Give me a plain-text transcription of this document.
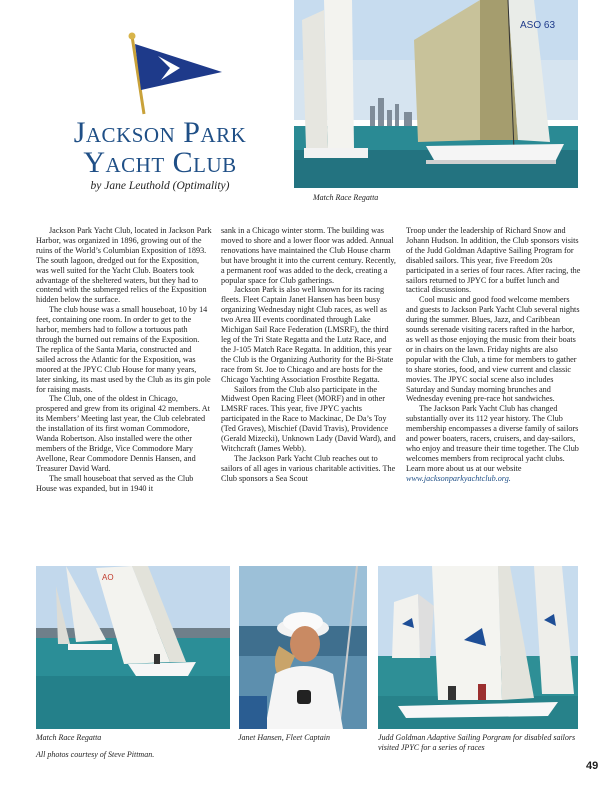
Jackson Park
Yacht Club
by Jane Leuthold (Optimality)
ASO 63
Match Race Regatta

Jackson Park Yacht Club, located in Jackson Park Harbor, was organized in 1896, growing out of the ruins of the World’s Columbian Exposition of 1893. The south lagoon, dredged out for the Exposition, was well suited for the Yacht Club. Boaters took advantage of the sheltered waters, but they had to contend with the submerged relics of the Exposition hidden below the surface.

The club house was a small houseboat, 10 by 14 feet, containing one room. In order to get to the harbor, members had to follow a tortuous path through the burned out remains of the Exposition. The replica of the Santa Maria, constructed and sailed across the Atlantic for the Exposition, was moored at the JPYC Club House for many years, later sinking, its mast used by the Club as its gin pole for raising masts.

The Club, one of the oldest in Chicago, prospered and grew from its original 42 members. At its Members’ Meeting last year, the Club celebrated the installation of its first woman Commodore, Wanda Robertson. Also installed were the other members of the Bridge, Vice Commodore Mary Avellone, Rear Commodore Dennis Hansen, and Treasurer David Ward.

The small houseboat that served as the Club House was expanded, but in 1940 it

sank in a Chicago winter storm. The building was moved to shore and a lower floor was added. Annual renovations have maintained the Club House charm but have brought it into the current century. Recently, a permanent roof was added to the deck, creating a popular space for Club gatherings.

Jackson Park is also well known for its racing fleets. Fleet Captain Janet Hansen has been busy organizing Wednesday night Club races, as well as two Area III events coordinated through Lake Michigan Sail Race Federation (LMSRF), the third leg of the Tri State Regatta and the Lutz Race, and the J-105 Match Race Regatta. In addition, this year the Club is the Organizing Authority for the Bi-State race from St. Joe to Chicago and are hosts for the Chicago Yachting Association Frostbite Regatta.

Sailors from the Club also participate in the Midwest Open Racing Fleet (MORF) and in other LMSRF races. This year, five JPYC yachts participated in the Race to Mackinac, De Da’s Toy (Ted Graves), Mischief (David Travis), Providence (Gerald Mizecki), Unknown Lady (David Ward), and Witchcraft (James Webb).

The Jackson Park Yacht Club reaches out to sailors of all ages in various charitable activities. The Club sponsors a Sea Scout

Troop under the leadership of Richard Snow and Johann Hudson. In addition, the Club sponsors visits of the Judd Goldman Adaptive Sailing Program for disabled sailors. This year, five Freedom 20s participated in a series of four races. After racing, the sailors returned to JPYC for a buffet lunch and tactical discussions.

Cool music and good food welcome members and guests to Jackson Park Yacht Club several nights during the summer. Blues, Jazz, and Caribbean sounds serenade visiting racers rafted in the harbor, as well as those enjoying the music from their boats or in chairs on the lawn. Friday nights are also popular with the Club, a time for members to gather to share stories, food, and view current and classic movies. The JPYC social scene also includes Saturday and Sunday morning brunches and Wednesday evening pre-race hot sandwiches.

The Jackson Park Yacht Club has changed substantially over its 112 year history. The Club membership encompasses a diverse family of sailors and power boaters, racers, cruisers, and day-sailors, who enjoy and treasure their time together. The Club welcomes members from reciprocal yacht clubs. Learn more about us at our website

www.jacksonparkyachtclub.org.

AO
Match Race Regatta
All photos courtesy of Steve Pittman.
Janet Hansen, Fleet Captain	Judd Goldman Adaptive Sailing Porgram for disabled sailors visited JPYC for a series of races
49
